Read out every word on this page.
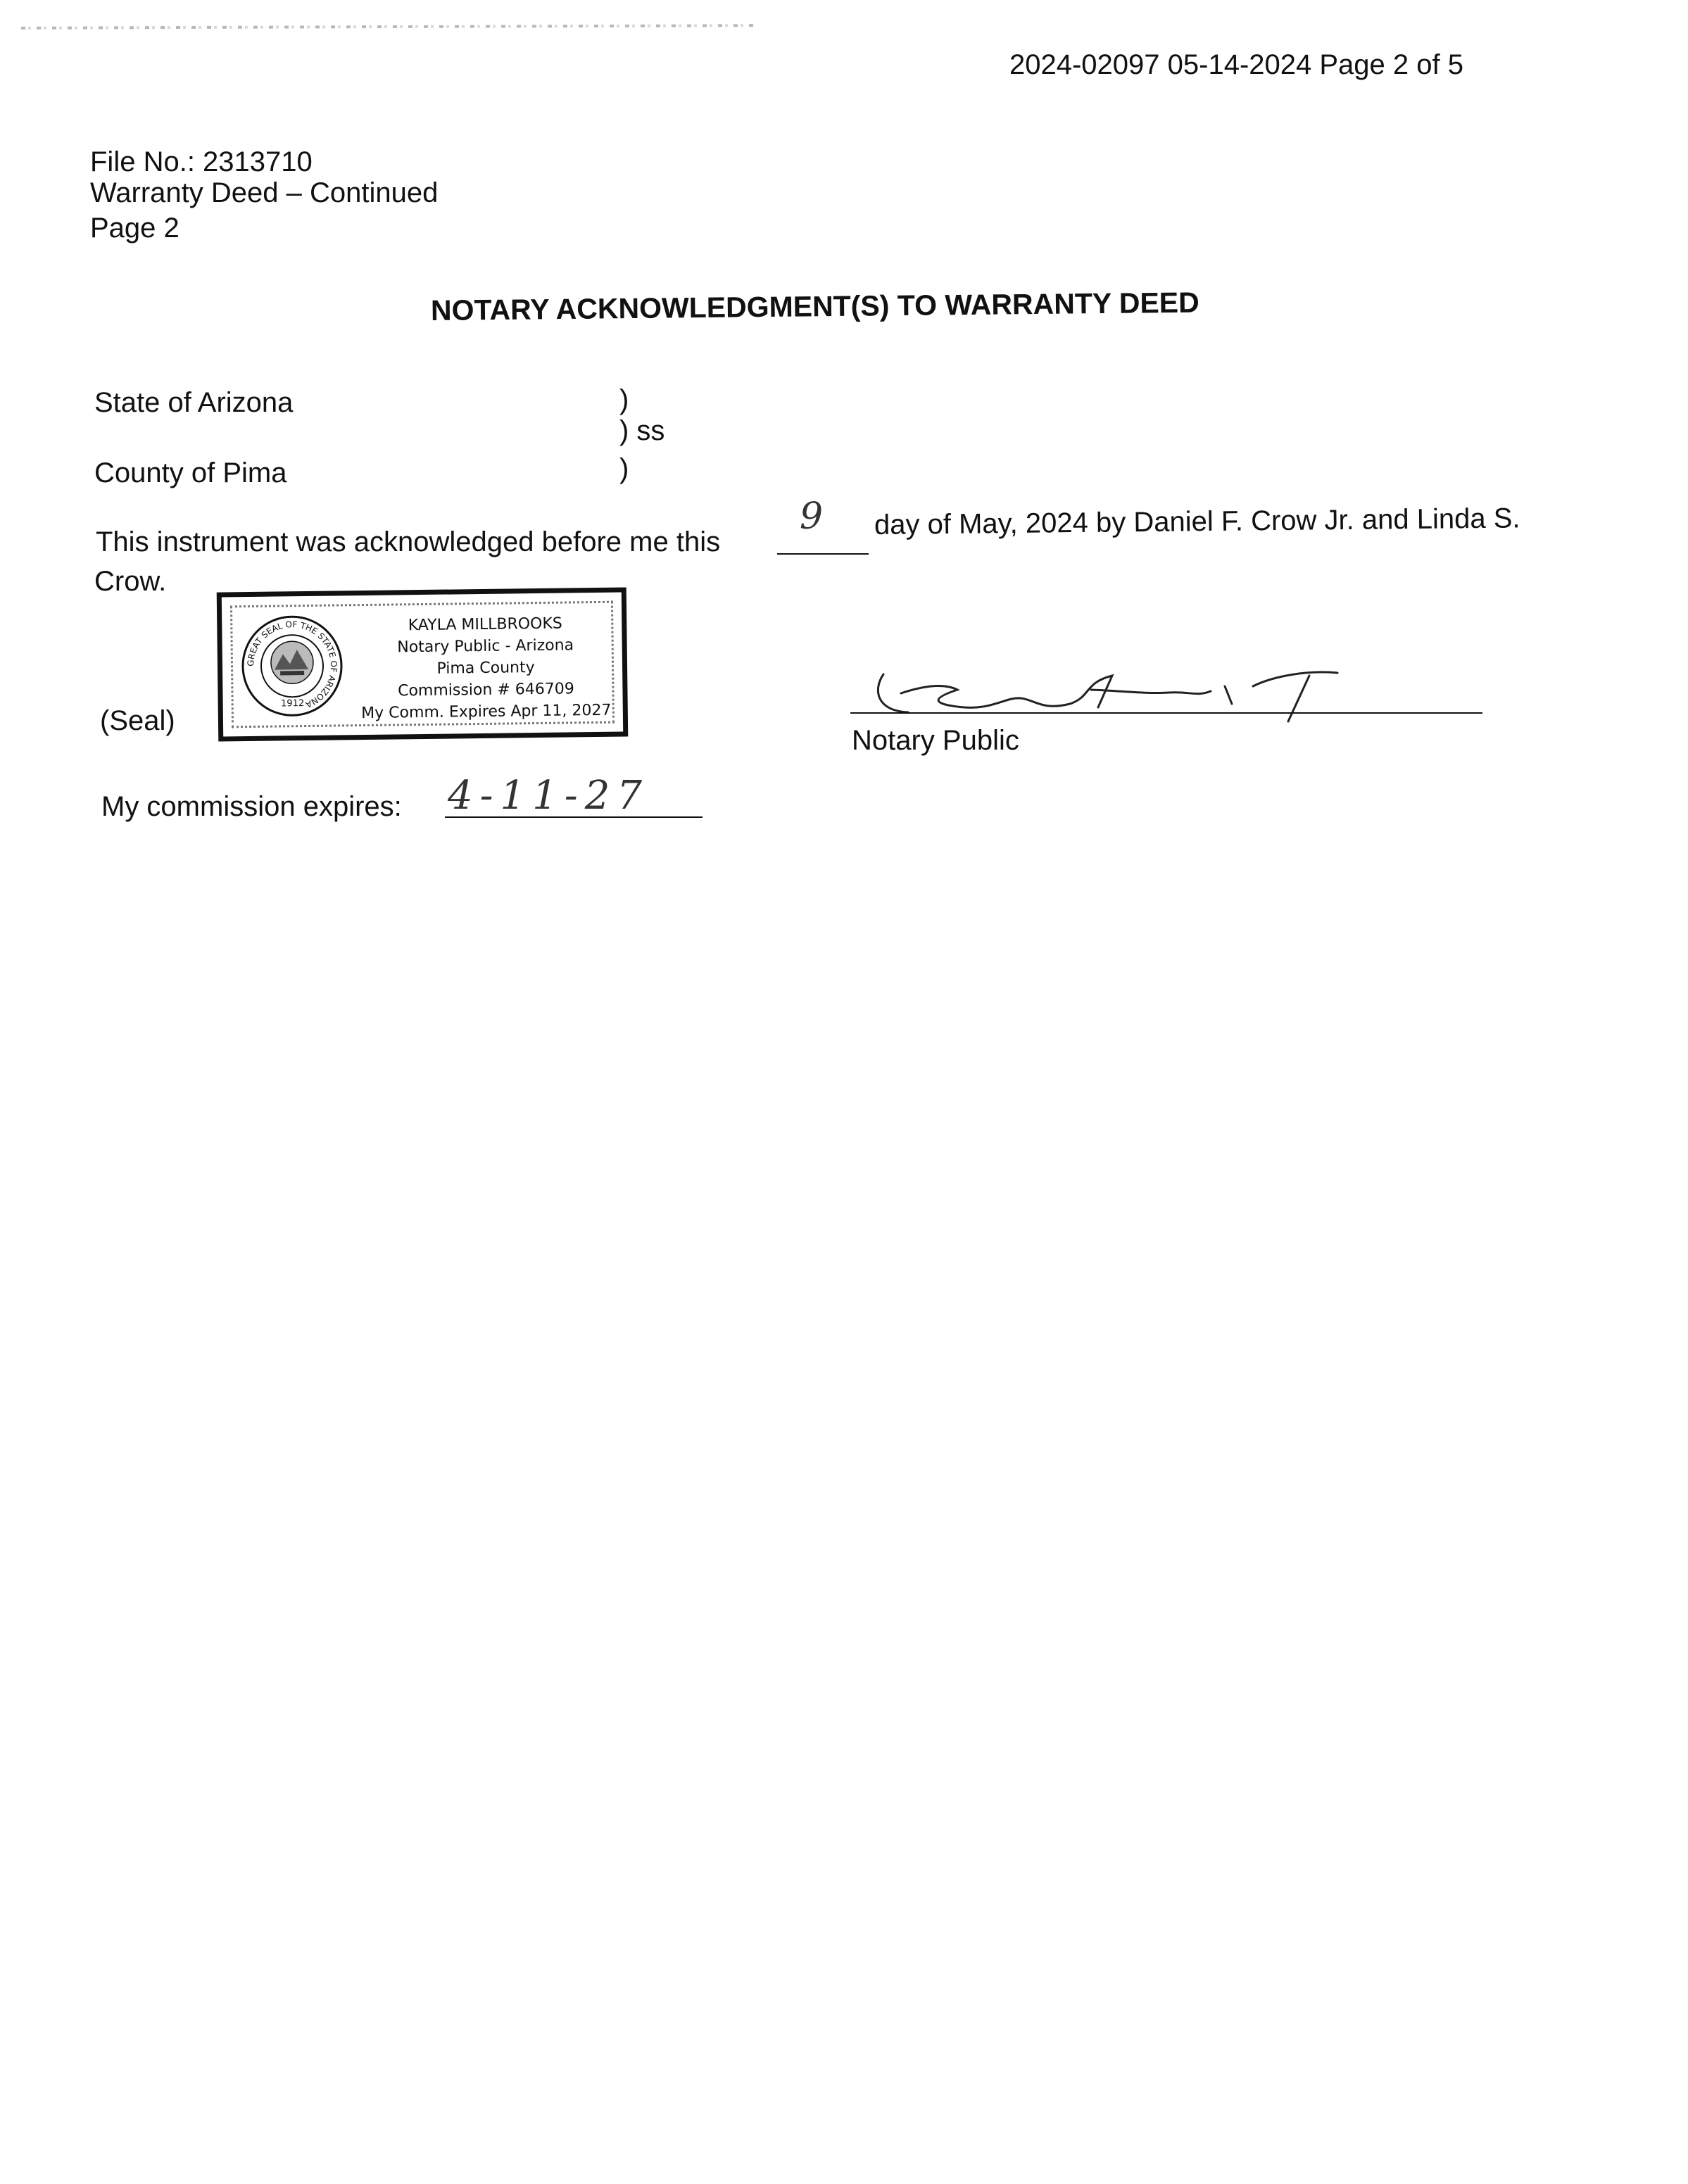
2024-02097 05-14-2024 Page 2 of 5
File No.: 2313710
Warranty Deed – Continued
Page 2
NOTARY ACKNOWLEDGMENT(S) TO WARRANTY DEED
State of Arizona
County of Pima
)
) ss
)
This instrument was acknowledged before me this
9 day of May, 2024 by Daniel F. Crow Jr. and Linda S.
Crow.
(Seal)
GREAT SEAL OF THE STATE OF ARIZONA
1912
KAYLA MILLBROOKS
Notary Public - Arizona
Pima County
Commission # 646709
My Comm. Expires Apr 11, 2027
Notary Public
My commission expires: 4-11-27
